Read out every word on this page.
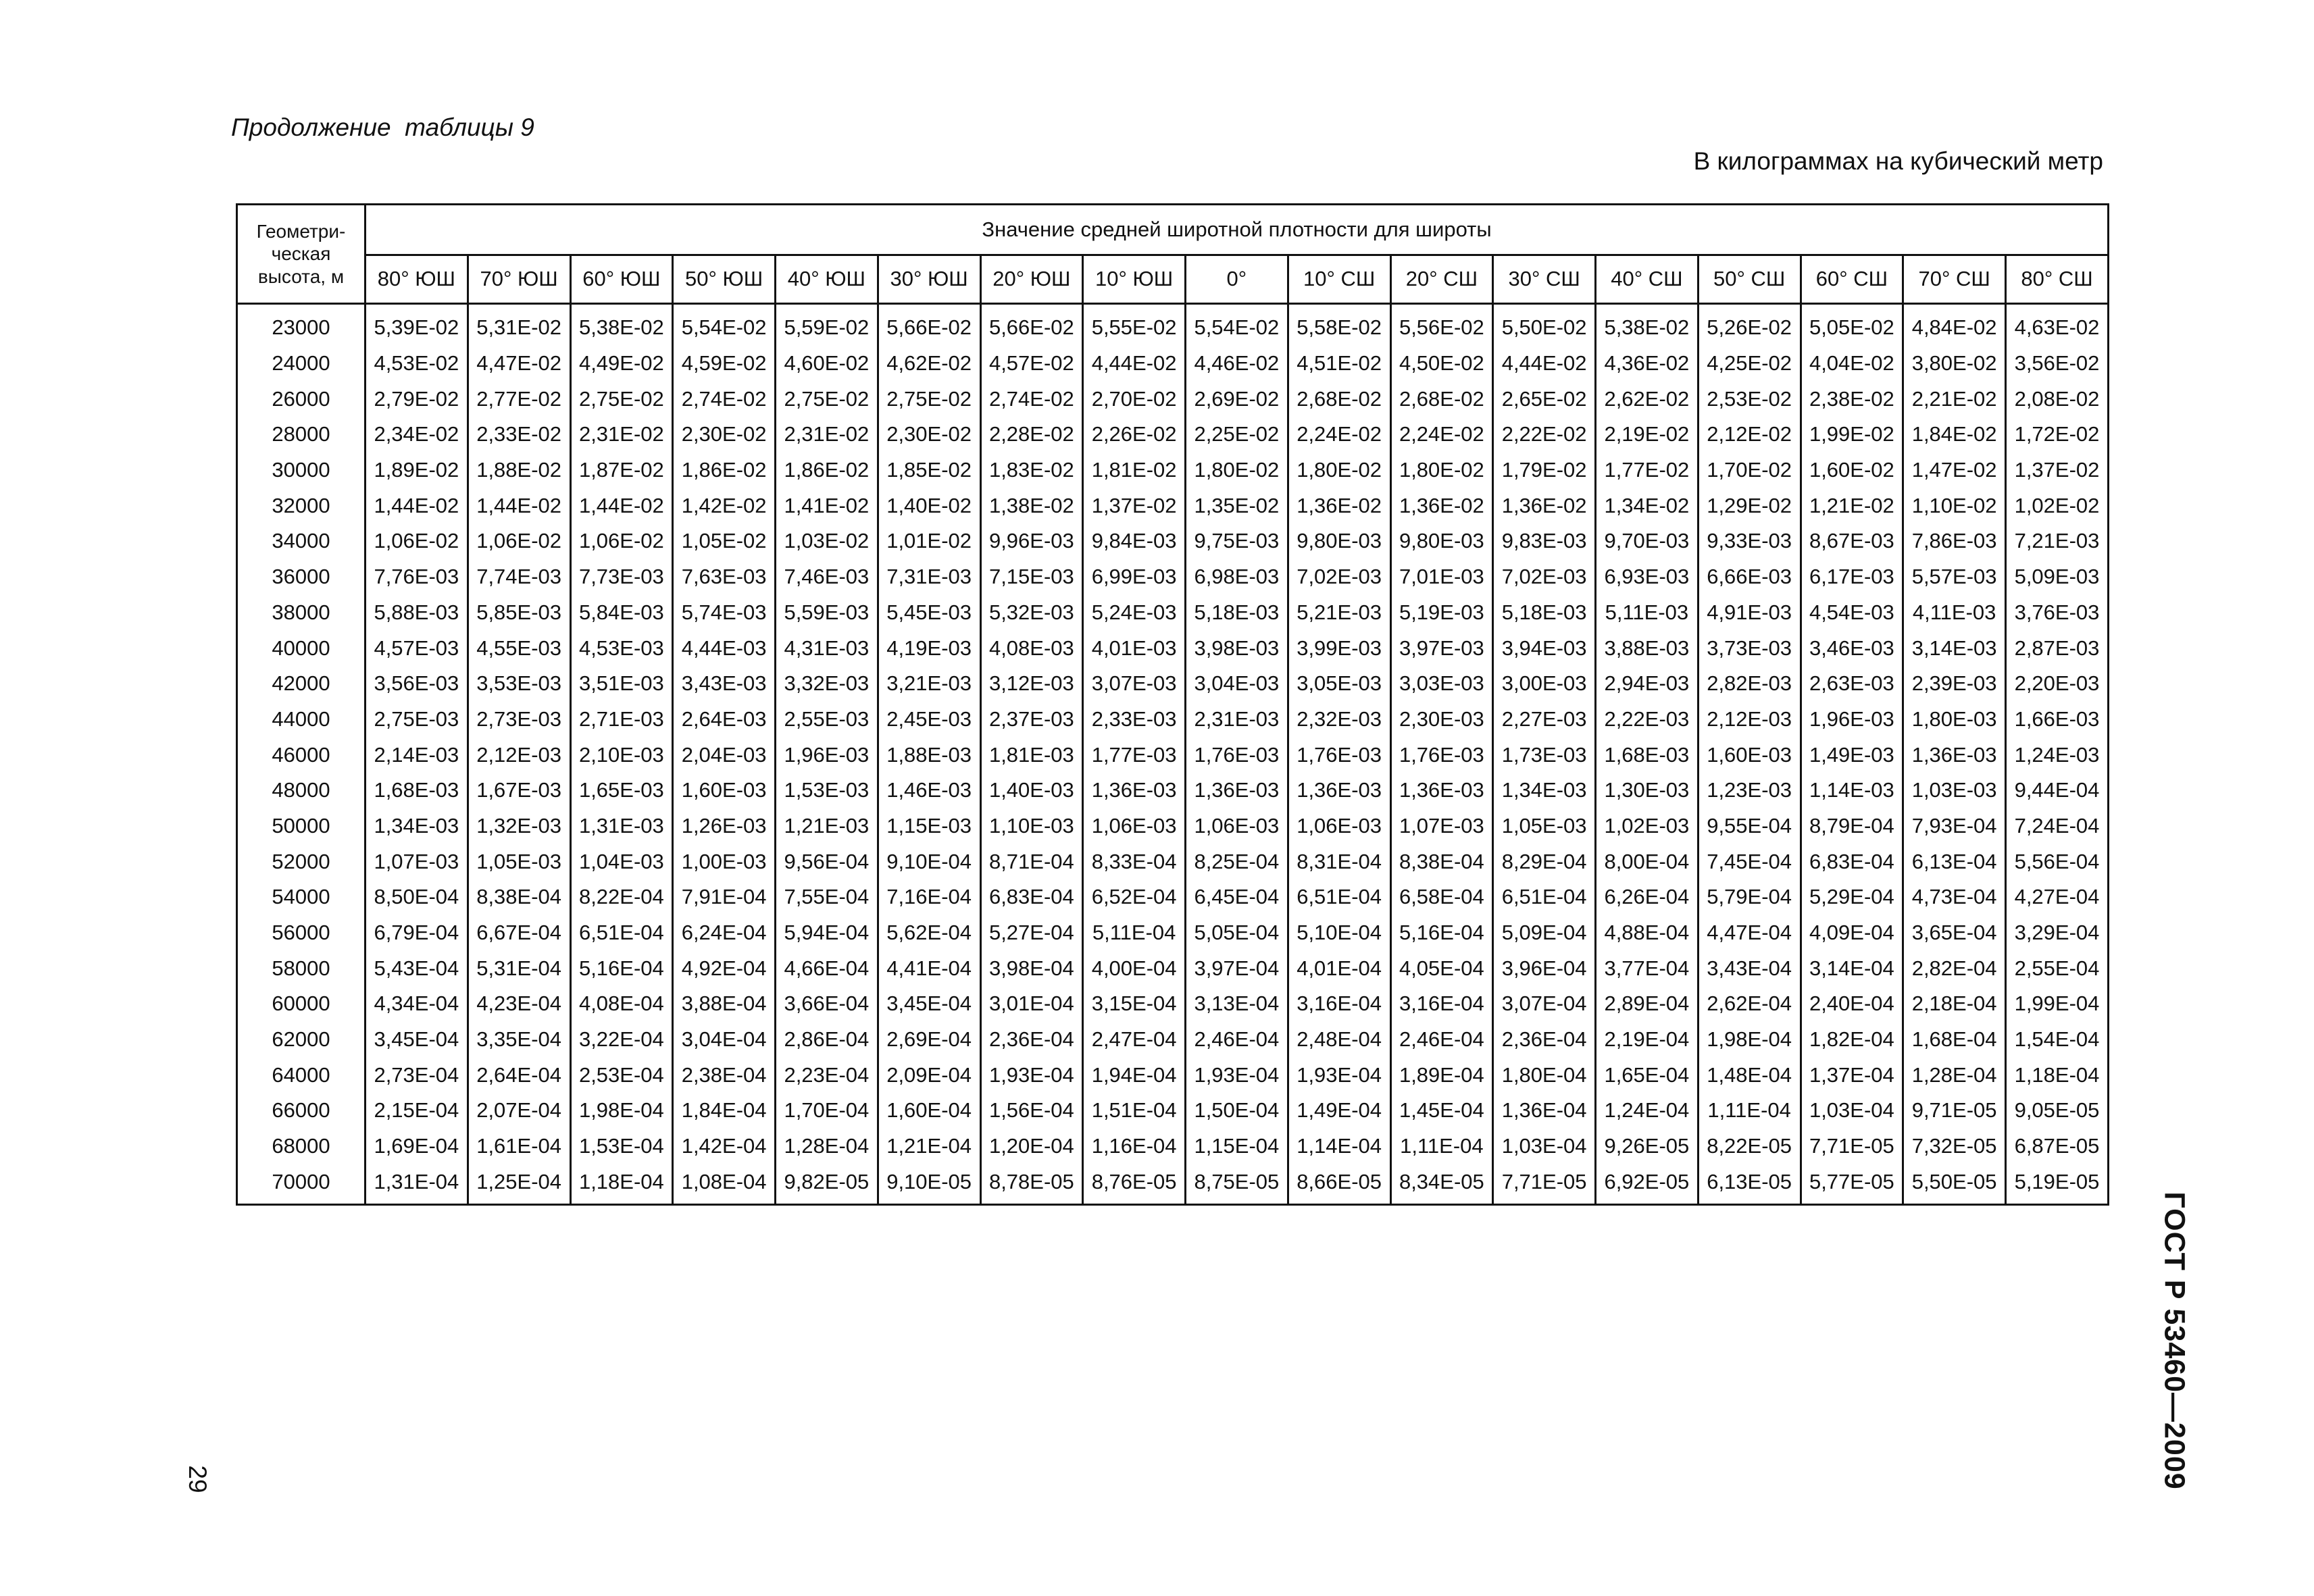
Продолжение  таблицы 9
В килограммах на кубический метр
Геометри-
ческая
высота, м	Значение средней широтной плотности для широты																
	80° ЮШ	70° ЮШ	60° ЮШ	50° ЮШ	40° ЮШ	30° ЮШ	20° ЮШ	10° ЮШ	0°	10° СШ	20° СШ	30° СШ	40° СШ	50° СШ	60° СШ	70° СШ	80° СШ
23000	5,39E-02	5,31E-02	5,38E-02	5,54E-02	5,59E-02	5,66E-02	5,66E-02	5,55E-02	5,54E-02	5,58E-02	5,56E-02	5,50E-02	5,38E-02	5,26E-02	5,05E-02	4,84E-02	4,63E-02
24000	4,53E-02	4,47E-02	4,49E-02	4,59E-02	4,60E-02	4,62E-02	4,57E-02	4,44E-02	4,46E-02	4,51E-02	4,50E-02	4,44E-02	4,36E-02	4,25E-02	4,04E-02	3,80E-02	3,56E-02
26000	2,79E-02	2,77E-02	2,75E-02	2,74E-02	2,75E-02	2,75E-02	2,74E-02	2,70E-02	2,69E-02	2,68E-02	2,68E-02	2,65E-02	2,62E-02	2,53E-02	2,38E-02	2,21E-02	2,08E-02
28000	2,34E-02	2,33E-02	2,31E-02	2,30E-02	2,31E-02	2,30E-02	2,28E-02	2,26E-02	2,25E-02	2,24E-02	2,24E-02	2,22E-02	2,19E-02	2,12E-02	1,99E-02	1,84E-02	1,72E-02
30000	1,89E-02	1,88E-02	1,87E-02	1,86E-02	1,86E-02	1,85E-02	1,83E-02	1,81E-02	1,80E-02	1,80E-02	1,80E-02	1,79E-02	1,77E-02	1,70E-02	1,60E-02	1,47E-02	1,37E-02
32000	1,44E-02	1,44E-02	1,44E-02	1,42E-02	1,41E-02	1,40E-02	1,38E-02	1,37E-02	1,35E-02	1,36E-02	1,36E-02	1,36E-02	1,34E-02	1,29E-02	1,21E-02	1,10E-02	1,02E-02
34000	1,06E-02	1,06E-02	1,06E-02	1,05E-02	1,03E-02	1,01E-02	9,96E-03	9,84E-03	9,75E-03	9,80E-03	9,80E-03	9,83E-03	9,70E-03	9,33E-03	8,67E-03	7,86E-03	7,21E-03
36000	7,76E-03	7,74E-03	7,73E-03	7,63E-03	7,46E-03	7,31E-03	7,15E-03	6,99E-03	6,98E-03	7,02E-03	7,01E-03	7,02E-03	6,93E-03	6,66E-03	6,17E-03	5,57E-03	5,09E-03
38000	5,88E-03	5,85E-03	5,84E-03	5,74E-03	5,59E-03	5,45E-03	5,32E-03	5,24E-03	5,18E-03	5,21E-03	5,19E-03	5,18E-03	5,11E-03	4,91E-03	4,54E-03	4,11E-03	3,76E-03
40000	4,57E-03	4,55E-03	4,53E-03	4,44E-03	4,31E-03	4,19E-03	4,08E-03	4,01E-03	3,98E-03	3,99E-03	3,97E-03	3,94E-03	3,88E-03	3,73E-03	3,46E-03	3,14E-03	2,87E-03
42000	3,56E-03	3,53E-03	3,51E-03	3,43E-03	3,32E-03	3,21E-03	3,12E-03	3,07E-03	3,04E-03	3,05E-03	3,03E-03	3,00E-03	2,94E-03	2,82E-03	2,63E-03	2,39E-03	2,20E-03
44000	2,75E-03	2,73E-03	2,71E-03	2,64E-03	2,55E-03	2,45E-03	2,37E-03	2,33E-03	2,31E-03	2,32E-03	2,30E-03	2,27E-03	2,22E-03	2,12E-03	1,96E-03	1,80E-03	1,66E-03
46000	2,14E-03	2,12E-03	2,10E-03	2,04E-03	1,96E-03	1,88E-03	1,81E-03	1,77E-03	1,76E-03	1,76E-03	1,76E-03	1,73E-03	1,68E-03	1,60E-03	1,49E-03	1,36E-03	1,24E-03
48000	1,68E-03	1,67E-03	1,65E-03	1,60E-03	1,53E-03	1,46E-03	1,40E-03	1,36E-03	1,36E-03	1,36E-03	1,36E-03	1,34E-03	1,30E-03	1,23E-03	1,14E-03	1,03E-03	9,44E-04
50000	1,34E-03	1,32E-03	1,31E-03	1,26E-03	1,21E-03	1,15E-03	1,10E-03	1,06E-03	1,06E-03	1,06E-03	1,07E-03	1,05E-03	1,02E-03	9,55E-04	8,79E-04	7,93E-04	7,24E-04
52000	1,07E-03	1,05E-03	1,04E-03	1,00E-03	9,56E-04	9,10E-04	8,71E-04	8,33E-04	8,25E-04	8,31E-04	8,38E-04	8,29E-04	8,00E-04	7,45E-04	6,83E-04	6,13E-04	5,56E-04
54000	8,50E-04	8,38E-04	8,22E-04	7,91E-04	7,55E-04	7,16E-04	6,83E-04	6,52E-04	6,45E-04	6,51E-04	6,58E-04	6,51E-04	6,26E-04	5,79E-04	5,29E-04	4,73E-04	4,27E-04
56000	6,79E-04	6,67E-04	6,51E-04	6,24E-04	5,94E-04	5,62E-04	5,27E-04	5,11E-04	5,05E-04	5,10E-04	5,16E-04	5,09E-04	4,88E-04	4,47E-04	4,09E-04	3,65E-04	3,29E-04
58000	5,43E-04	5,31E-04	5,16E-04	4,92E-04	4,66E-04	4,41E-04	3,98E-04	4,00E-04	3,97E-04	4,01E-04	4,05E-04	3,96E-04	3,77E-04	3,43E-04	3,14E-04	2,82E-04	2,55E-04
60000	4,34E-04	4,23E-04	4,08E-04	3,88E-04	3,66E-04	3,45E-04	3,01E-04	3,15E-04	3,13E-04	3,16E-04	3,16E-04	3,07E-04	2,89E-04	2,62E-04	2,40E-04	2,18E-04	1,99E-04
62000	3,45E-04	3,35E-04	3,22E-04	3,04E-04	2,86E-04	2,69E-04	2,36E-04	2,47E-04	2,46E-04	2,48E-04	2,46E-04	2,36E-04	2,19E-04	1,98E-04	1,82E-04	1,68E-04	1,54E-04
64000	2,73E-04	2,64E-04	2,53E-04	2,38E-04	2,23E-04	2,09E-04	1,93E-04	1,94E-04	1,93E-04	1,93E-04	1,89E-04	1,80E-04	1,65E-04	1,48E-04	1,37E-04	1,28E-04	1,18E-04
66000	2,15E-04	2,07E-04	1,98E-04	1,84E-04	1,70E-04	1,60E-04	1,56E-04	1,51E-04	1,50E-04	1,49E-04	1,45E-04	1,36E-04	1,24E-04	1,11E-04	1,03E-04	9,71E-05	9,05E-05
68000	1,69E-04	1,61E-04	1,53E-04	1,42E-04	1,28E-04	1,21E-04	1,20E-04	1,16E-04	1,15E-04	1,14E-04	1,11E-04	1,03E-04	9,26E-05	8,22E-05	7,71E-05	7,32E-05	6,87E-05
70000	1,31E-04	1,25E-04	1,18E-04	1,08E-04	9,82E-05	9,10E-05	8,78E-05	8,76E-05	8,75E-05	8,66E-05	8,34E-05	7,71E-05	6,92E-05	6,13E-05	5,77E-05	5,50E-05	5,19E-05
ГОСТ Р 53460—2009
29
